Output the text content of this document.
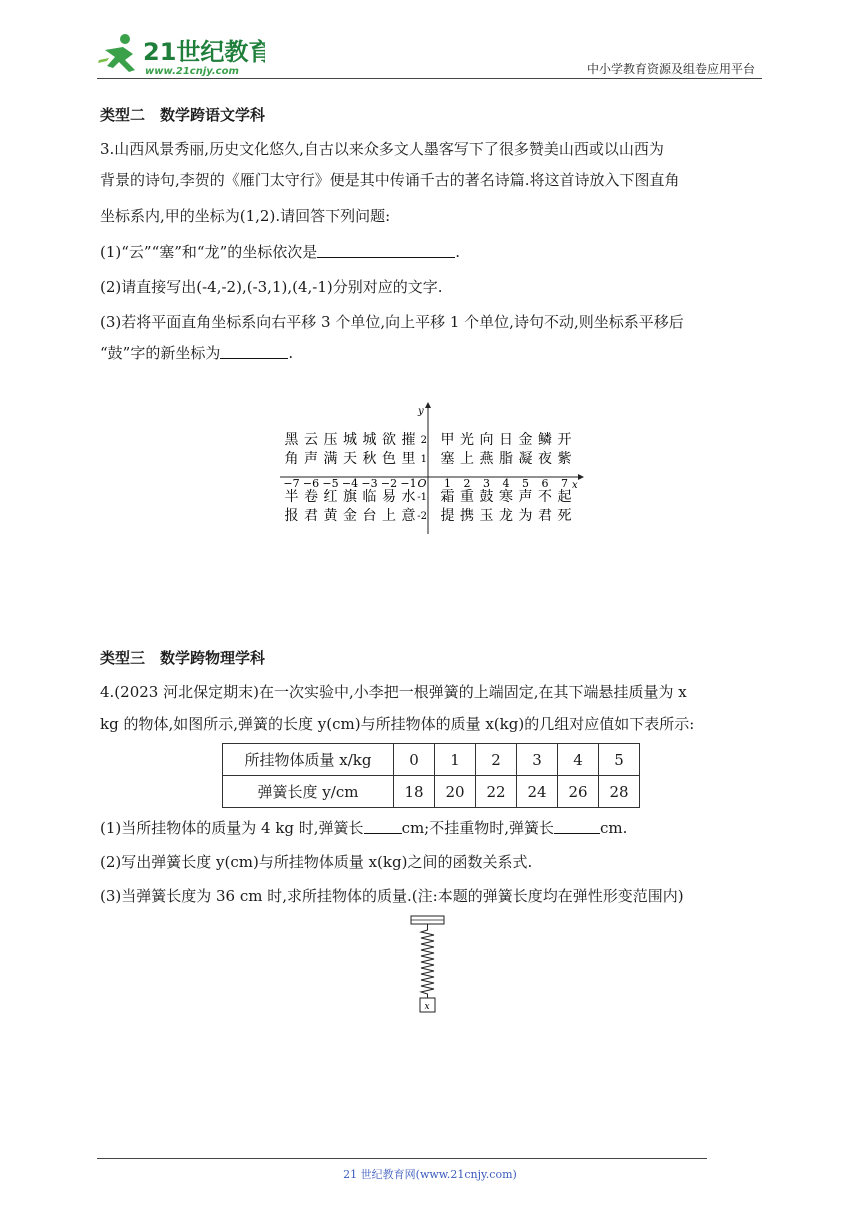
21世纪教育
www.21cnjy.com	中小学教育资源及组卷应用平台
类型二　数学跨语文学科
3.山西风景秀丽,历史文化悠久,自古以来众多文人墨客写下了很多赞美山西或以山西为
背景的诗句,李贺的《雁门太守行》便是其中传诵千古的著名诗篇.将这首诗放入下图直角
坐标系内,甲的坐标为(1,2).请回答下列问题:
(1)“云”“塞”和“龙”的坐标依次是	.
(2)请直接写出(-4,-2),(-3,1),(4,-1)分别对应的文字.
(3)若将平面直角坐标系向右平移 3 个单位,向上平移 1 个单位,诗句不动,则坐标系平移后
“鼓”字的新坐标为	.
x
y
−7 −6 −5 −4 −3 −2 −1 1 2 3 4 5 6 7
O
2
1
-1
-2
黑 云 压 城 城 欲 摧 甲 光 向 日 金 鳞 开
角 声 满 天 秋 色 里 塞 上 燕 脂 凝 夜 紫
半 卷 红 旗 临 易 水 霜 重 鼓 寒 声 不 起
报 君 黄 金 台 上 意 提 携 玉 龙 为 君 死
类型三　数学跨物理学科
4.(2023 河北保定期末)在一次实验中,小李把一根弹簧的上端固定,在其下端悬挂质量为 x
kg 的物体,如图所示,弹簧的长度 y(cm)与所挂物体的质量 x(kg)的几组对应值如下表所示:
所挂物体质量 x/kg	0	1	2	3	4	5
弹簧长度 y/cm	18	20	22	24	26	28
(1)当所挂物体的质量为 4 kg 时,弹簧长	cm;不挂重物时,弹簧长	cm.
(2)写出弹簧长度 y(cm)与所挂物体质量 x(kg)之间的函数关系式.
(3)当弹簧长度为 36 cm 时,求所挂物体的质量.(注:本题的弹簧长度均在弹性形变范围内)
x
21 世纪教育网(www.21cnjy.com)
